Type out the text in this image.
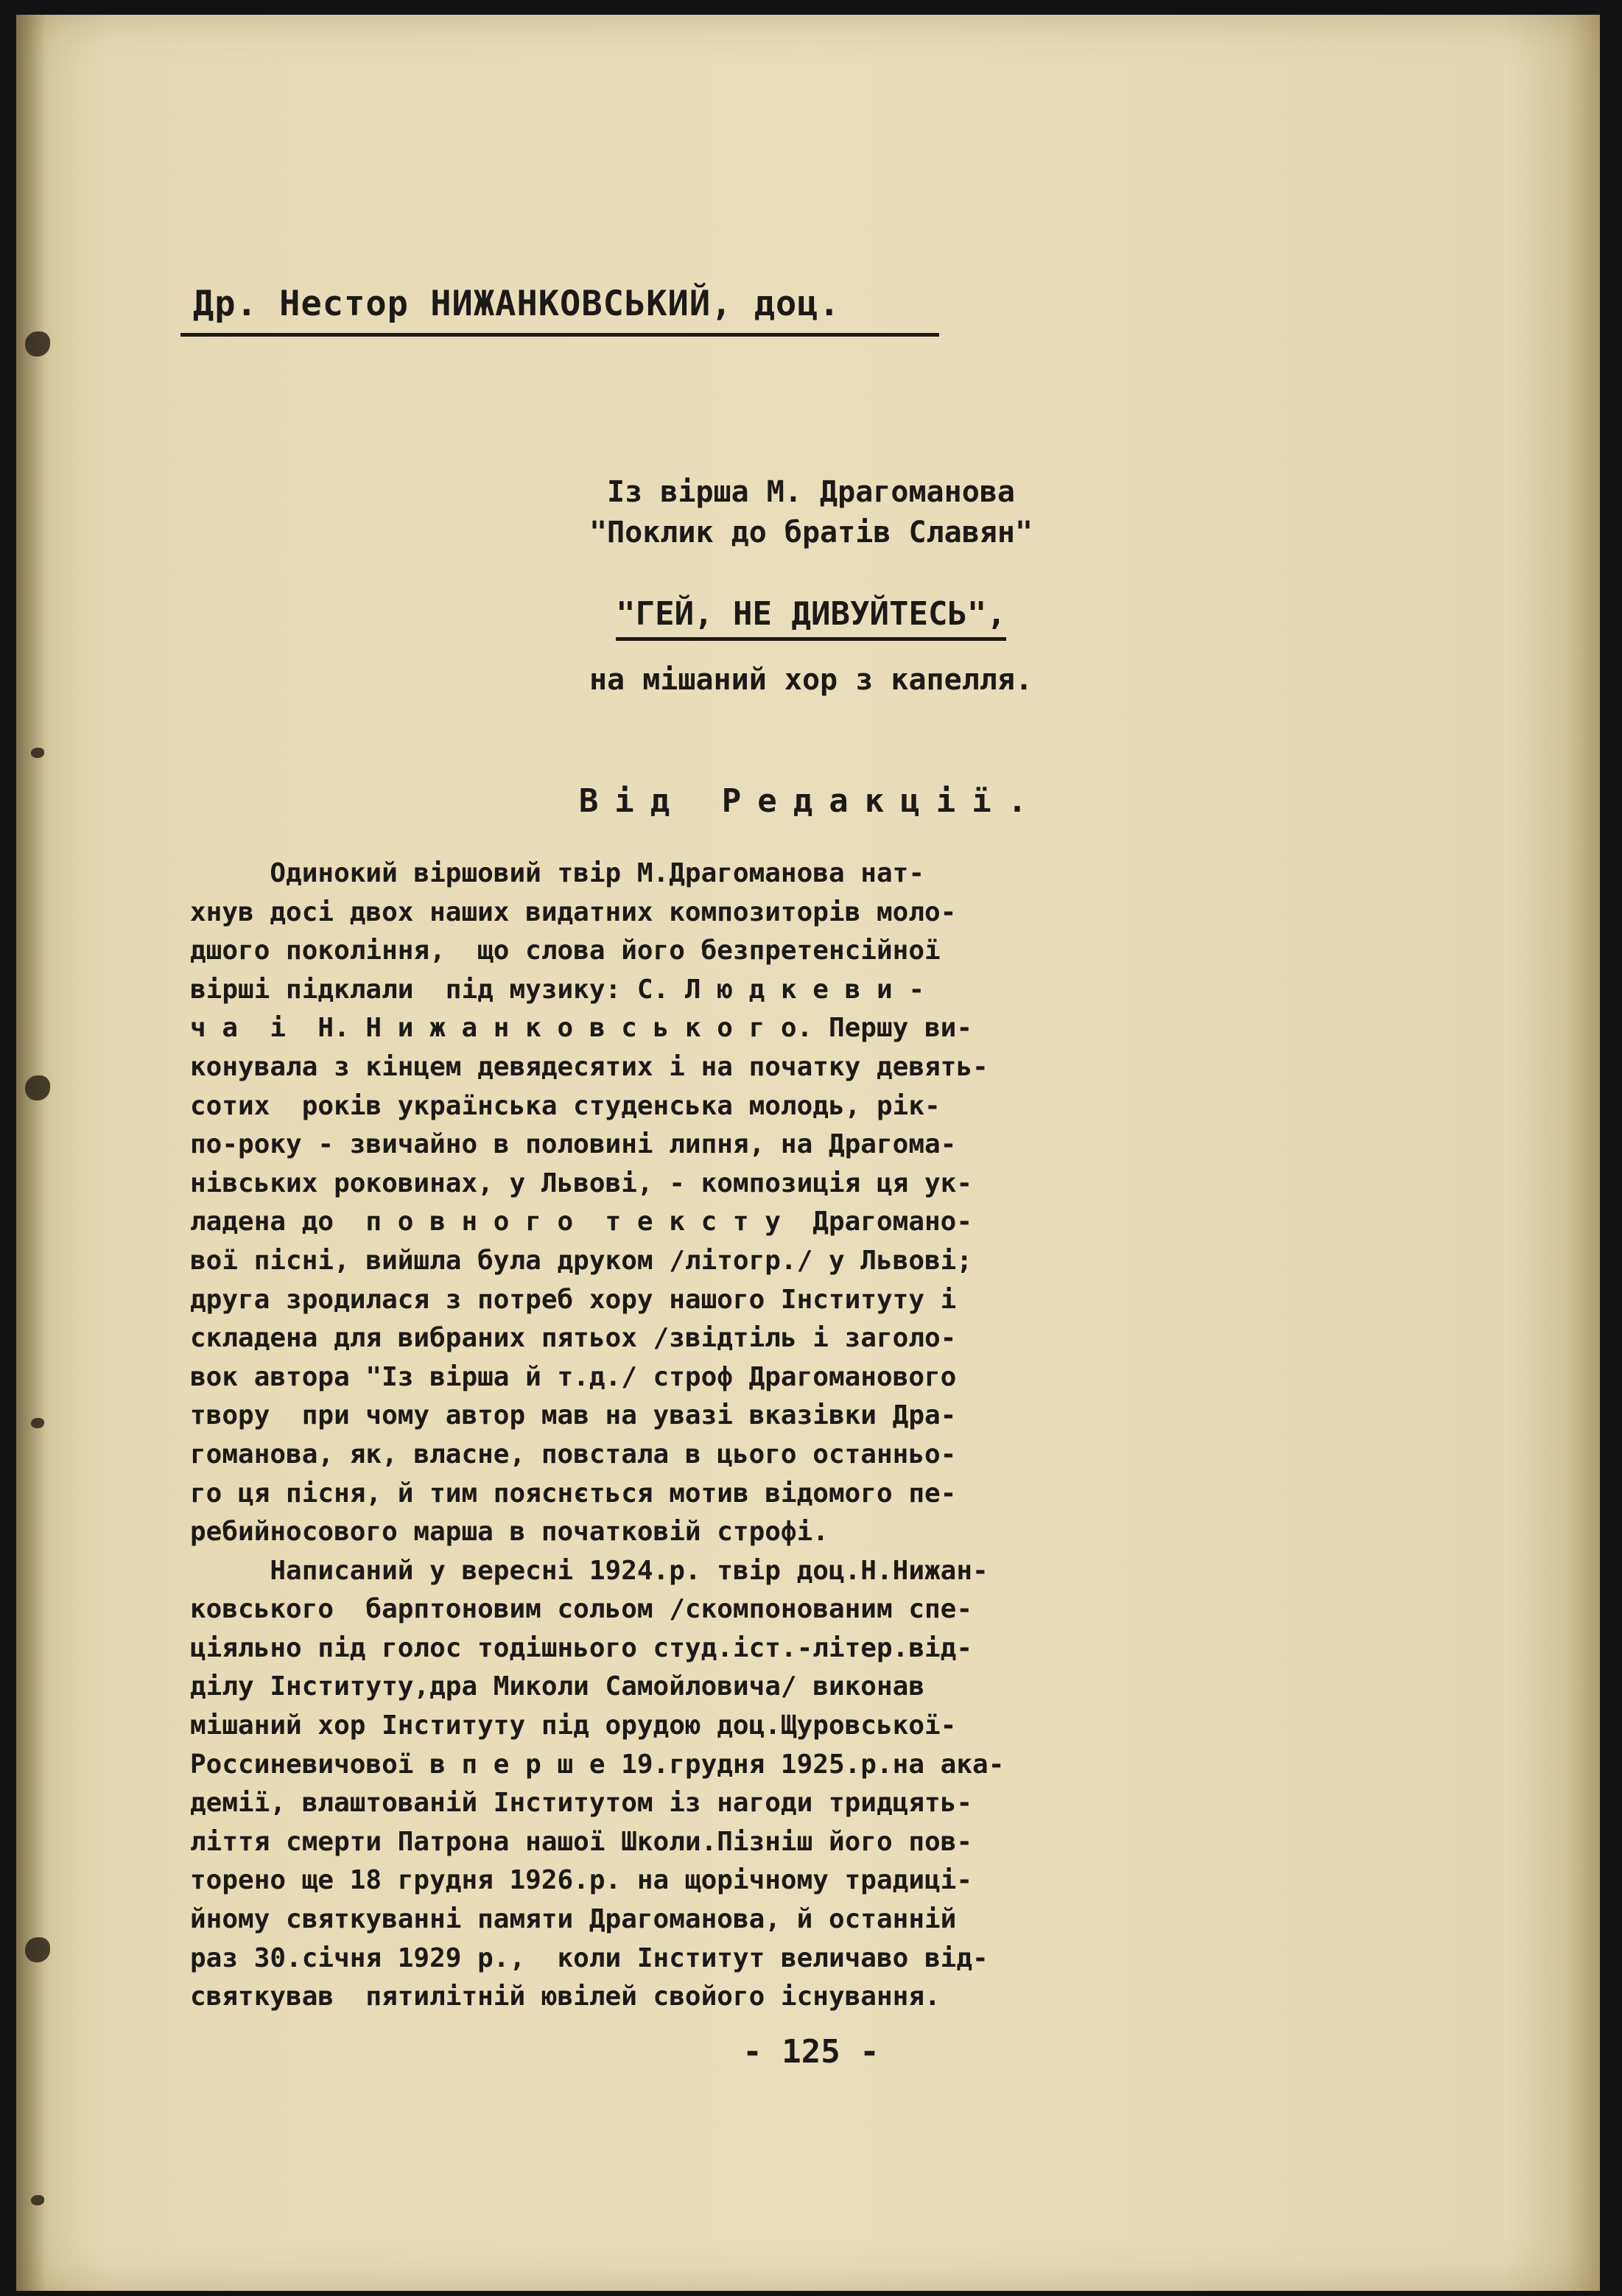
Др. Нестор НИЖАНКОВСЬКИЙ, доц.
Із вірша М. Драгоманова
"Поклик до братів Славян"
"ГЕЙ, НЕ ДИВУЙТЕСЬ",
на мішаний хор з капелля.
Від Редакції.
Одинокий віршовий твір М.Драгоманова нат-
хнув досі двох наших видатних композиторів моло-
дшого покоління,  що слова його безпретенсійної
вірші підклали  під музику: С. Л ю д к е в и -
ч а  і  Н. Н и ж а н к о в с ь к о г о. Першу ви-
конувала з кінцем девядесятих і на початку девять-
сотих  років українська студенська молодь, рік-
по-року - звичайно в половині липня, на Драгома-
нівських роковинах, у Львові, - композиція ця ук-
ладена до  п о в н о г о  т е к с т у  Драгомано-
вої пісні, вийшла була друком /літогр./ у Львові;
друга зродилася з потреб хору нашого Інституту і
складена для вибраних пятьох /звідтіль і заголо-
вок автора "Із вірша й т.д./ строф Драгоманового
твору  при чому автор мав на увазі вказівки Дра-
гоманова, як, власне, повстала в цього останньо-
го ця пісня, й тим пояснється мотив відомого пе-
ребийносового марша в початковій строфі.
Написаний у вересні 1924.р. твір доц.Н.Нижан-
ковського  барптоновим сольом /скомпонованим спе-
ціяльно під голос тодішнього студ.іст.-літер.від-
ділу Інституту,дра Миколи Самойловича/ виконав
мішаний хор Інституту під орудою доц.Щуровської-
Россиневичової в п е р ш е 19.грудня 1925.р.на ака-
демії, влаштованій Інститутом із нагоди тридцять-
ліття смерти Патрона нашої Школи.Пізніш його пов-
торено ще 18 грудня 1926.р. на щорічному традиці-
йному святкуванні памяти Драгоманова, й останній
раз 30.січня 1929 р.,  коли Інститут величаво від-
святкував  пятилітній ювілей свойого існування.
- 125 -
